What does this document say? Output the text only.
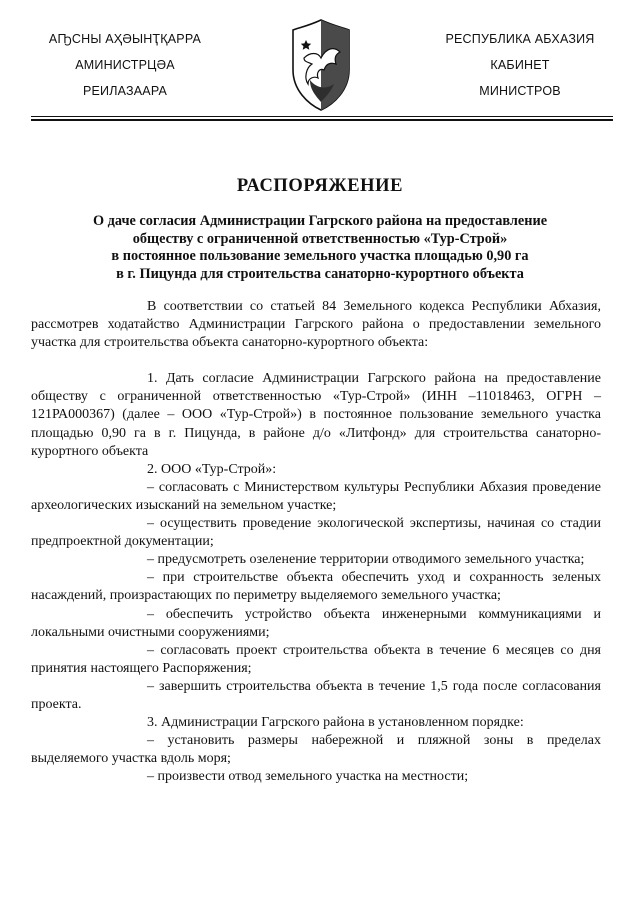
АҦСНЫ АҲӘЫНҬҚАРРА
АМИНИСТРЦӘА
РЕИЛАЗААРА
РЕСПУБЛИКА АБХАЗИЯ
КАБИНЕТ
МИНИСТРОВ
РАСПОРЯЖЕНИЕ
О даче согласия Администрации Гагрского района на предоставление
обществу с ограниченной ответственностью «Тур-Строй»
в постоянное пользование земельного участка площадью 0,90 га
в г. Пицунда для строительства санаторно-курортного объекта

В соответствии со статьей 84 Земельного кодекса Республики Абхазия, рассмотрев ходатайство Администрации Гагрского района о предоставлении земельного участка для строительства объекта санаторно-курортного объекта:

1. Дать согласие Администрации Гагрского района на предоставление обществу с ограниченной ответственностью «Тур-Строй» (ИНН –11018463, ОГРН – 121РА000367) (далее – ООО «Тур-Строй») в постоянное пользование земельного участка площадью 0,90 га в г. Пицунда, в районе д/о «Литфонд» для строительства санаторно-курортного объекта

2. ООО «Тур-Строй»:

– согласовать с Министерством культуры Республики Абхазия проведение археологических изысканий на земельном участке;

– осуществить проведение экологической экспертизы, начиная со стадии предпроектной документации;

– предусмотреть озеленение территории отводимого земельного участка;

– при строительстве объекта обеспечить уход и сохранность зеленых насаждений, произрастающих по периметру выделяемого земельного участка;

– обеспечить устройство объекта инженерными коммуникациями и локальными очистными сооружениями;

– согласовать проект строительства объекта в течение 6 месяцев со дня принятия настоящего Распоряжения;

– завершить строительства объекта в течение 1,5 года после согласования проекта.

3. Администрации Гагрского района в установленном порядке:

– установить размеры набережной и пляжной зоны в пределах выделяемого участка вдоль моря;

– произвести отвод земельного участка на местности;
